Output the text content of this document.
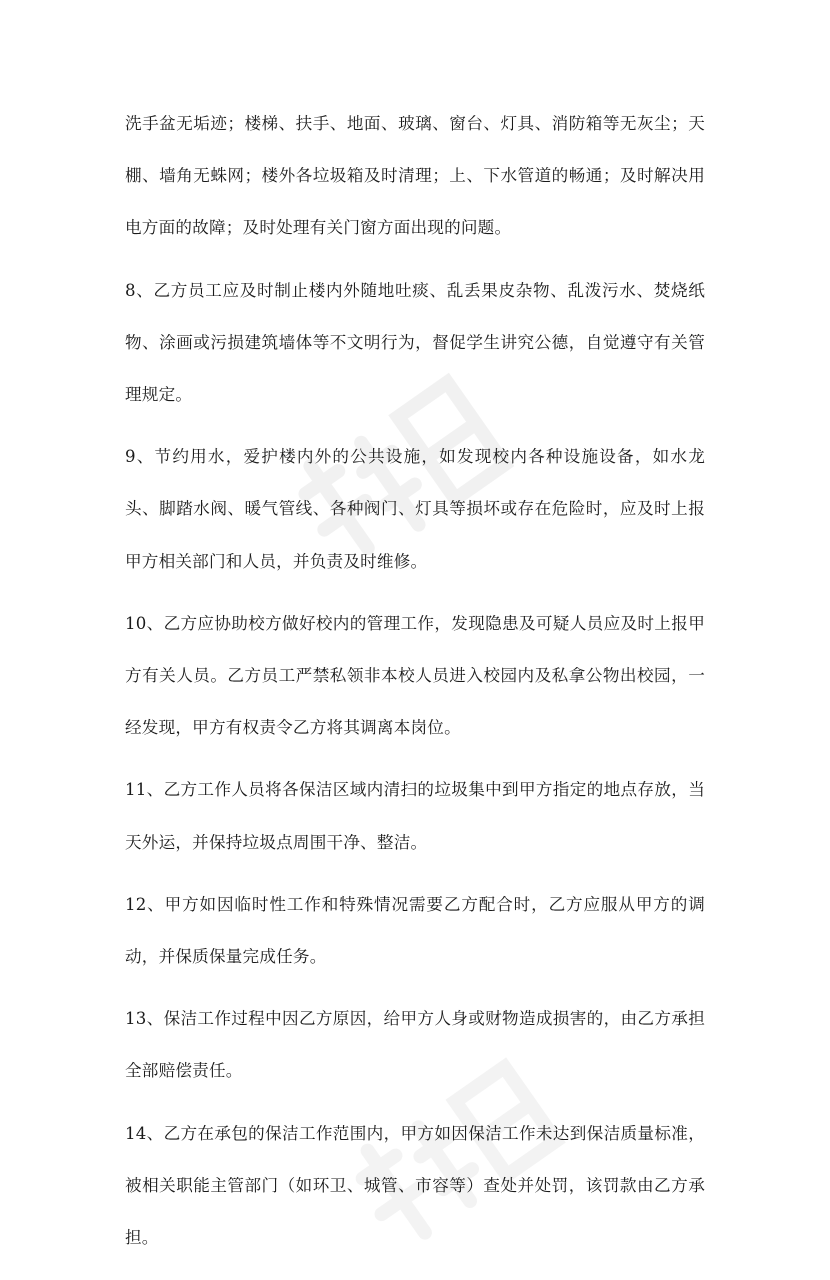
洗手盆无垢迹；楼梯、扶手、地面、玻璃、窗台、灯具、消防箱等无灰尘；天棚、墙角无蛛网；楼外各垃圾箱及时清理；上、下水管道的畅通；及时解决用电方面的故障；及时处理有关门窗方面出现的问题。

8、乙方员工应及时制止楼内外随地吐痰、乱丢果皮杂物、乱泼污水、焚烧纸物、涂画或污损建筑墙体等不文明行为，督促学生讲究公德，自觉遵守有关管理规定。

9、节约用水，爱护楼内外的公共设施，如发现校内各种设施设备，如水龙头、脚踏水阀、暖气管线、各种阀门、灯具等损坏或存在危险时，应及时上报甲方相关部门和人员，并负责及时维修。

10、乙方应协助校方做好校内的管理工作，发现隐患及可疑人员应及时上报甲方有关人员。乙方员工严禁私领非本校人员进入校园内及私拿公物出校园，一经发现，甲方有权责令乙方将其调离本岗位。

11、乙方工作人员将各保洁区域内清扫的垃圾集中到甲方指定的地点存放，当天外运，并保持垃圾点周围干净、整洁。

12、甲方如因临时性工作和特殊情况需要乙方配合时，乙方应服从甲方的调动，并保质保量完成任务。

13、保洁工作过程中因乙方原因，给甲方人身或财物造成损害的，由乙方承担全部赔偿责任。

14、乙方在承包的保洁工作范围内，甲方如因保洁工作未达到保洁质量标准，被相关职能主管部门（如环卫、城管、市容等）查处并处罚，该罚款由乙方承担。
